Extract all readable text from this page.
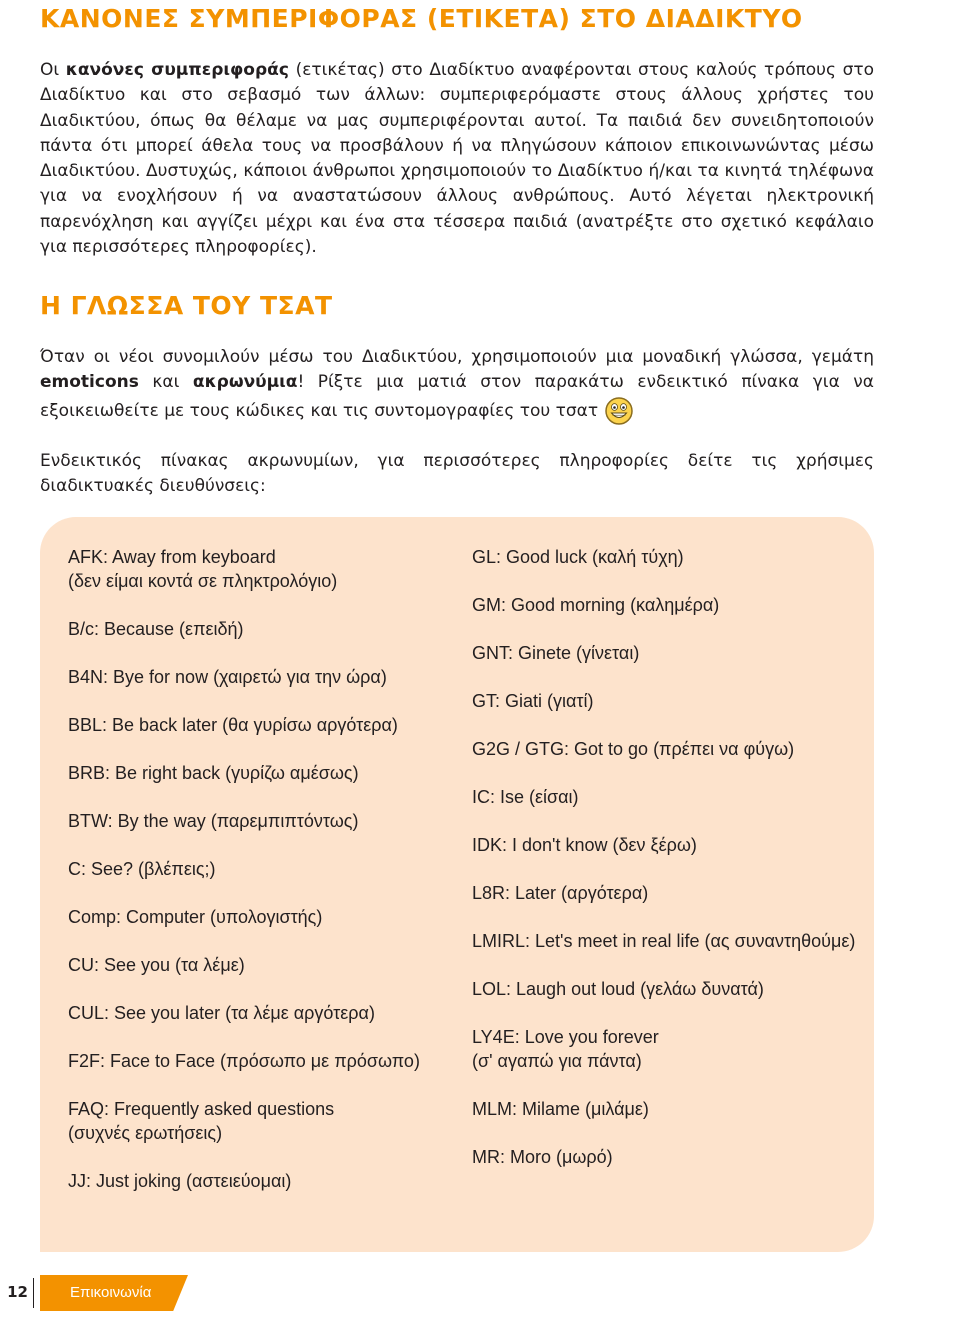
ΚΑΝΟΝΕΣ ΣΥΜΠΕΡΙΦΟΡΑΣ (ΕΤΙΚΕΤΑ) ΣΤΟ ΔΙΑΔΙΚΤΥΟ

Οι κανόνες συμπεριφοράς (ετικέτας) στο Διαδίκτυο αναφέρονται στους καλούς τρόπους στο Διαδίκτυο και στο σεβασμό των άλλων: συμπεριφερόμαστε στους άλλους χρήστες του Διαδικτύου, όπως θα θέλαμε να μας συμπεριφέρονται αυτοί. Τα παιδιά δεν συνειδητοποιούν πάντα ότι μπορεί άθελα τους να προσβάλουν ή να πληγώσουν κάποιον επικοινωνώντας μέσω Διαδικτύου. Δυστυχώς, κάποιοι άνθρωποι χρησιμοποιούν το Διαδίκτυο ή/και τα κινητά τηλέφωνα για να ενοχλήσουν ή να αναστατώσουν άλλους ανθρώπους. Αυτό λέγεται ηλεκτρονική παρενόχληση και αγγίζει μέχρι και ένα στα τέσσερα παιδιά (ανατρέξτε στο σχετικό κεφάλαιο για περισσότερες πληροφορίες).

Η ΓΛΩΣΣΑ ΤΟΥ ΤΣΑΤ

Όταν οι νέοι συνομιλούν μέσω του Διαδικτύου, χρησιμοποιούν μια μοναδική γλώσσα, γεμάτη emoticons και ακρωνύμια! Ρίξτε μια ματιά στον παρακάτω ενδεικτικό πίνακα για να εξοικειωθείτε με τους κώδικες και τις συντομογραφίες του τσατ

Ενδεικτικός πίνακας ακρωνυμίων, για περισσότερες πληροφορίες δείτε τις χρήσιμες διαδικτυακές διευθύνσεις:

AFK: Away from keyboard
(δεν είμαι κοντά σε πληκτρολόγιο)
B/c: Because (επειδή)
B4N: Bye for now (χαιρετώ για την ώρα)
BBL: Be back later (θα γυρίσω αργότερα)
BRB: Be right back (γυρίζω αμέσως)
BTW: By the way (παρεμπιπτόντως)
C: See? (βλέπεις;)
Comp: Computer (υπολογιστής)
CU: See you (τα λέμε)
CUL: See you later (τα λέμε αργότερα)
F2F: Face to Face (πρόσωπο με πρόσωπο)
FAQ: Frequently asked questions
(συχνές ερωτήσεις)
JJ: Just joking (αστειεύομαι)
GL: Good luck (καλή τύχη)
GM: Good morning (καλημέρα)
GNT: Ginete (γίνεται)
GT: Giati (γιατί)
G2G / GTG: Got to go (πρέπει να φύγω)
IC: Ise (είσαι)
IDK: I don't know (δεν ξέρω)
L8R: Later (αργότερα)
LMIRL: Let's meet in real life (ας συναντηθούμε)
LOL: Laugh out loud (γελάω δυνατά)
LY4E: Love you forever
(σ' αγαπώ για πάντα)
MLM: Milame (μιλάμε)
MR: Moro (μωρό)
12	Επικοινωνία
